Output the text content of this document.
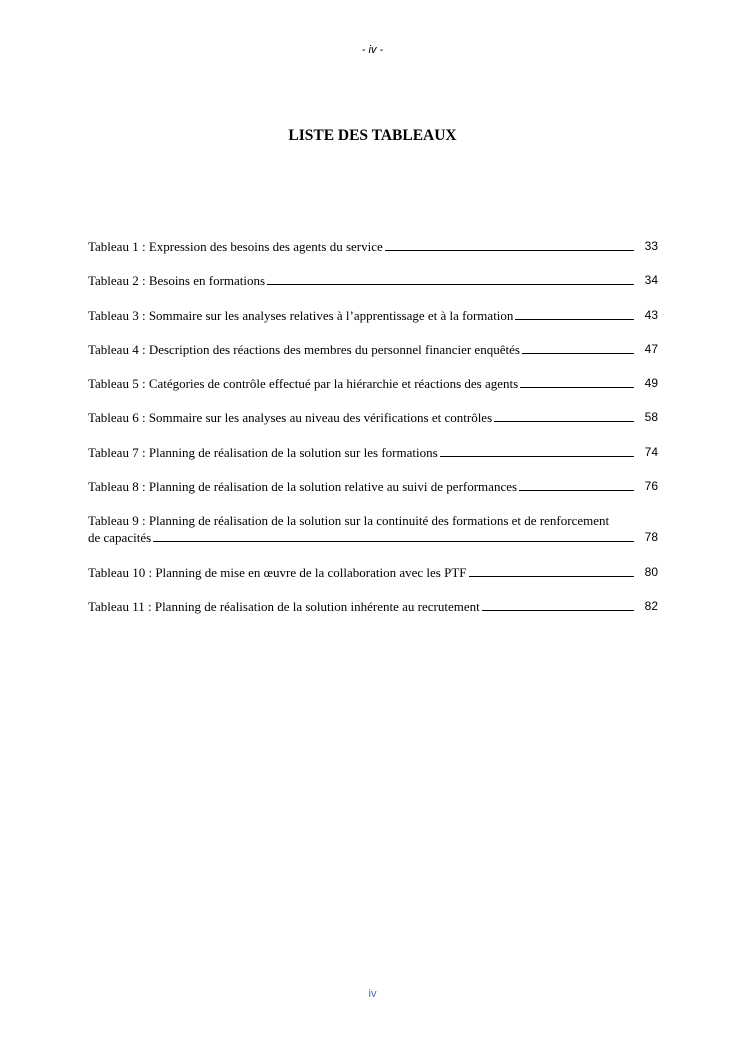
- iv -
LISTE DES TABLEAUX
Tableau 1 : Expression des besoins des agents du service	33
Tableau 2 : Besoins en formations	34
Tableau 3 : Sommaire sur les analyses relatives à l’apprentissage et à la formation	43
Tableau 4 : Description des réactions des membres du personnel financier enquêtés	47
Tableau 5 : Catégories de contrôle effectué par la hiérarchie et réactions des agents	49
Tableau 6 : Sommaire sur les analyses au niveau des vérifications et contrôles	58
Tableau 7 : Planning de réalisation de la solution sur les formations	74
Tableau 8 : Planning de réalisation de la solution relative au suivi de performances	76
Tableau 9 : Planning de réalisation de la solution sur la continuité des formations et de renforcement
de capacités	78
Tableau 10 : Planning de mise en œuvre de la collaboration avec les PTF	80
Tableau 11 : Planning de réalisation de la solution inhérente au recrutement	82
iv
